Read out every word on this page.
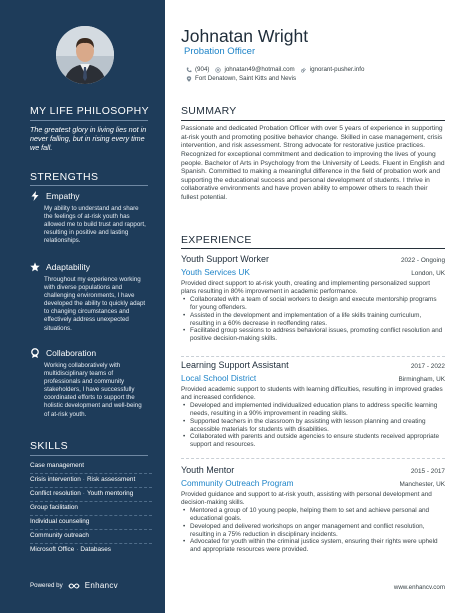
MY LIFE PHILOSOPHY
The greatest glory in living lies not in never falling, but in rising every time we fall.
STRENGTHS
Empathy
My ability to understand and share the feelings of at-risk youth has allowed me to build trust and rapport, resulting in positive and lasting relationships.
Adaptability
Throughout my experience working with diverse populations and challenging environments, I have developed the ability to quickly adapt to changing circumstances and effectively address unexpected situations.
Collaboration
Working collaboratively with multidisciplinary teams of professionals and community stakeholders, I have successfully coordinated efforts to support the holistic development and well-being of at-risk youth.
SKILLS
Case management
Crisis intervention · Risk assessment
Conflict resolution · Youth mentoring
Group facilitation
Individual counseling
Community outreach
Microsoft Office · Databases
Powered by	Enhancv
Johnatan Wright
Probation Officer
(904) johnatan49@hotmail.com ignorant-pusher.info
Fort Denatown, Saint Kitts and Nevis
SUMMARY
Passionate and dedicated Probation Officer with over 5 years of experience in supporting at-risk youth and promoting positive behavior change. Skilled in case management, crisis intervention, and risk assessment. Strong advocate for restorative justice practices. Recognized for exceptional commitment and dedication to improving the lives of young people. Bachelor of Arts in Psychology from the University of Leeds. Fluent in English and Spanish. Committed to making a meaningful difference in the field of probation work and supporting the educational success and personal development of students. I thrive in collaborative environments and have proven ability to empower others to reach their fullest potential.
EXPERIENCE
Youth Support Worker	2022 - Ongoing
Youth Services UK	London, UK
Provided direct support to at-risk youth, creating and implementing personalized support plans resulting in 80% improvement in academic performance.
• Collaborated with a team of social workers to design and execute mentorship programs for young offenders.
• Assisted in the development and implementation of a life skills training curriculum, resulting in a 60% decrease in reoffending rates.
• Facilitated group sessions to address behavioral issues, promoting conflict resolution and positive decision-making skills.
Learning Support Assistant	2017 - 2022
Local School District	Birmingham, UK
Provided academic support to students with learning difficulties, resulting in improved grades and increased confidence.
• Developed and implemented individualized education plans to address specific learning needs, resulting in a 90% improvement in reading skills.
• Supported teachers in the classroom by assisting with lesson planning and creating accessible materials for students with disabilities.
• Collaborated with parents and outside agencies to ensure students received appropriate support and resources.
Youth Mentor	2015 - 2017
Community Outreach Program	Manchester, UK
Provided guidance and support to at-risk youth, assisting with personal development and decision-making skills.
• Mentored a group of 10 young people, helping them to set and achieve personal and educational goals.
• Developed and delivered workshops on anger management and conflict resolution, resulting in a 75% reduction in disciplinary incidents.
• Advocated for youth within the criminal justice system, ensuring their rights were upheld and appropriate resources were provided.
www.enhancv.com
